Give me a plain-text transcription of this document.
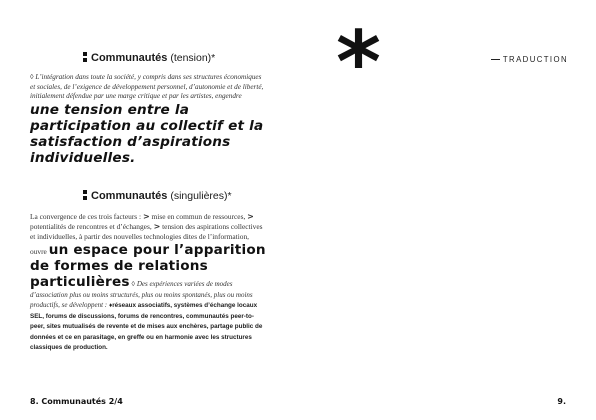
Communautés (tension)*
◊ L’intégration dans toute la société, y compris dans ses structures économiques et sociales, de l’exigence de développement personnel, d’autonomie et de liberté, initialement défendue par une marge critique et par les artistes, engendre une tension entre la participation au collectif et la satisfaction d’aspirations individuelles.
Communautés (singulières)*
La convergence de ces trois facteurs : > mise en commun de ressources, > potentialités de rencontres et d’échanges, > tension des aspirations collectives et individuelles, à partir des nouvelles technologies dites de l’information, ouvre un espace pour l’apparition de formes de relations particulières ◊ Des expériences variées de modes d’association plus ou moins structurés, plus ou moins spontanés, plus ou moins productifs, se développent : ♦réseaux associatifs, systèmes d’échange locaux SEL, forums de discussions, forums de rencontres, communautés peer-to-peer, sites mutualisés de revente et de mises aux enchères, partage public de données et ce en parasitage, en greffe ou en harmonie avec les structures classiques de production.
8. Communautés 2/4
*	TRADUCTION
9.
